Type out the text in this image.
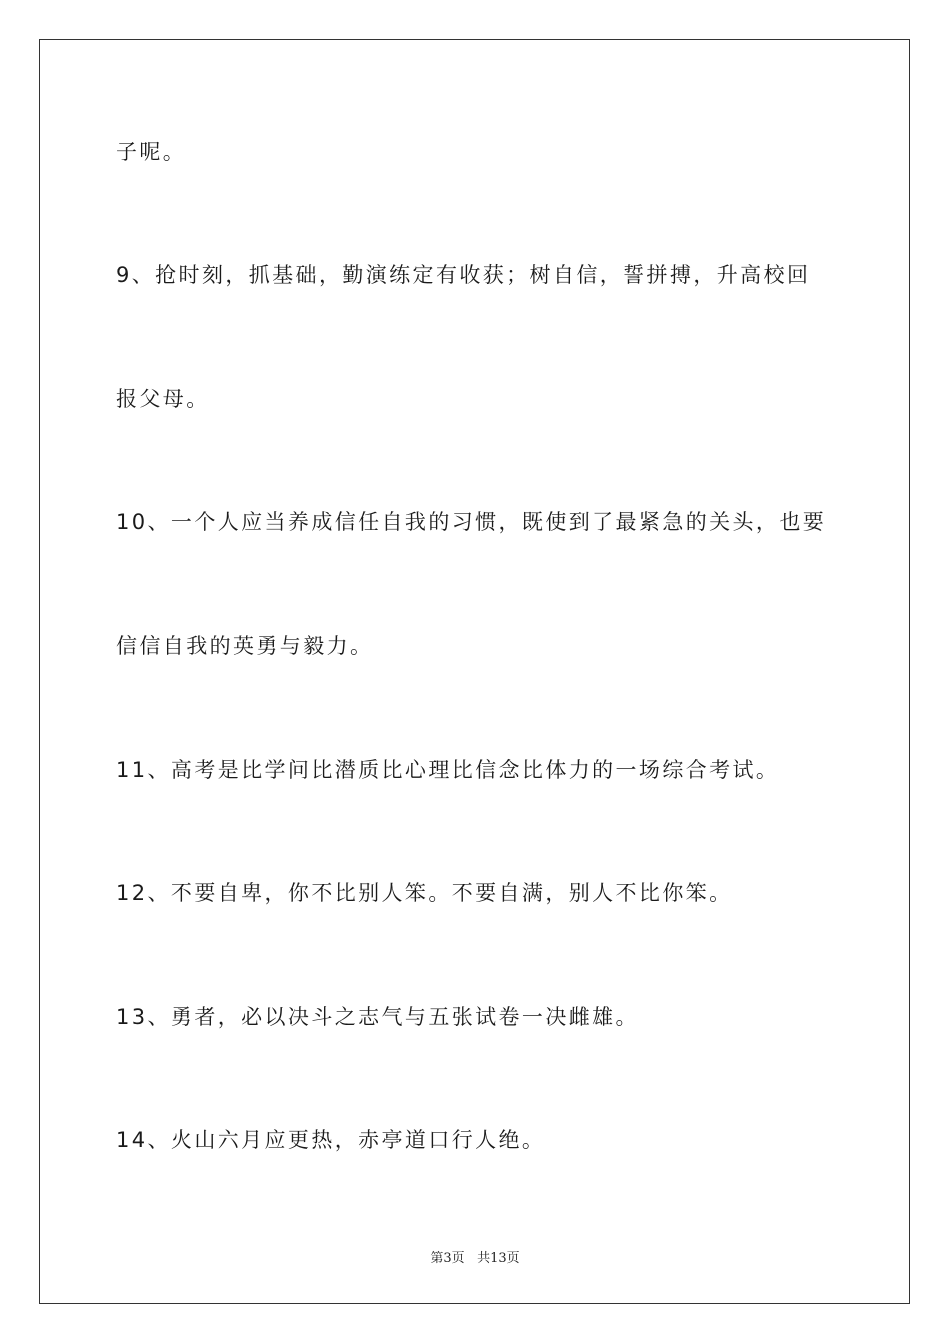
子呢。
9、抢时刻，抓基础，勤演练定有收获；树自信，誓拼搏，升高校回
报父母。
10、一个人应当养成信任自我的习惯，既使到了最紧急的关头，也要
信信自我的英勇与毅力。
11、高考是比学问比潜质比心理比信念比体力的一场综合考试。
12、不要自卑，你不比别人笨。不要自满，别人不比你笨。
13、勇者，必以决斗之志气与五张试卷一决雌雄。
14、火山六月应更热，赤亭道口行人绝。
第3页 共13页
